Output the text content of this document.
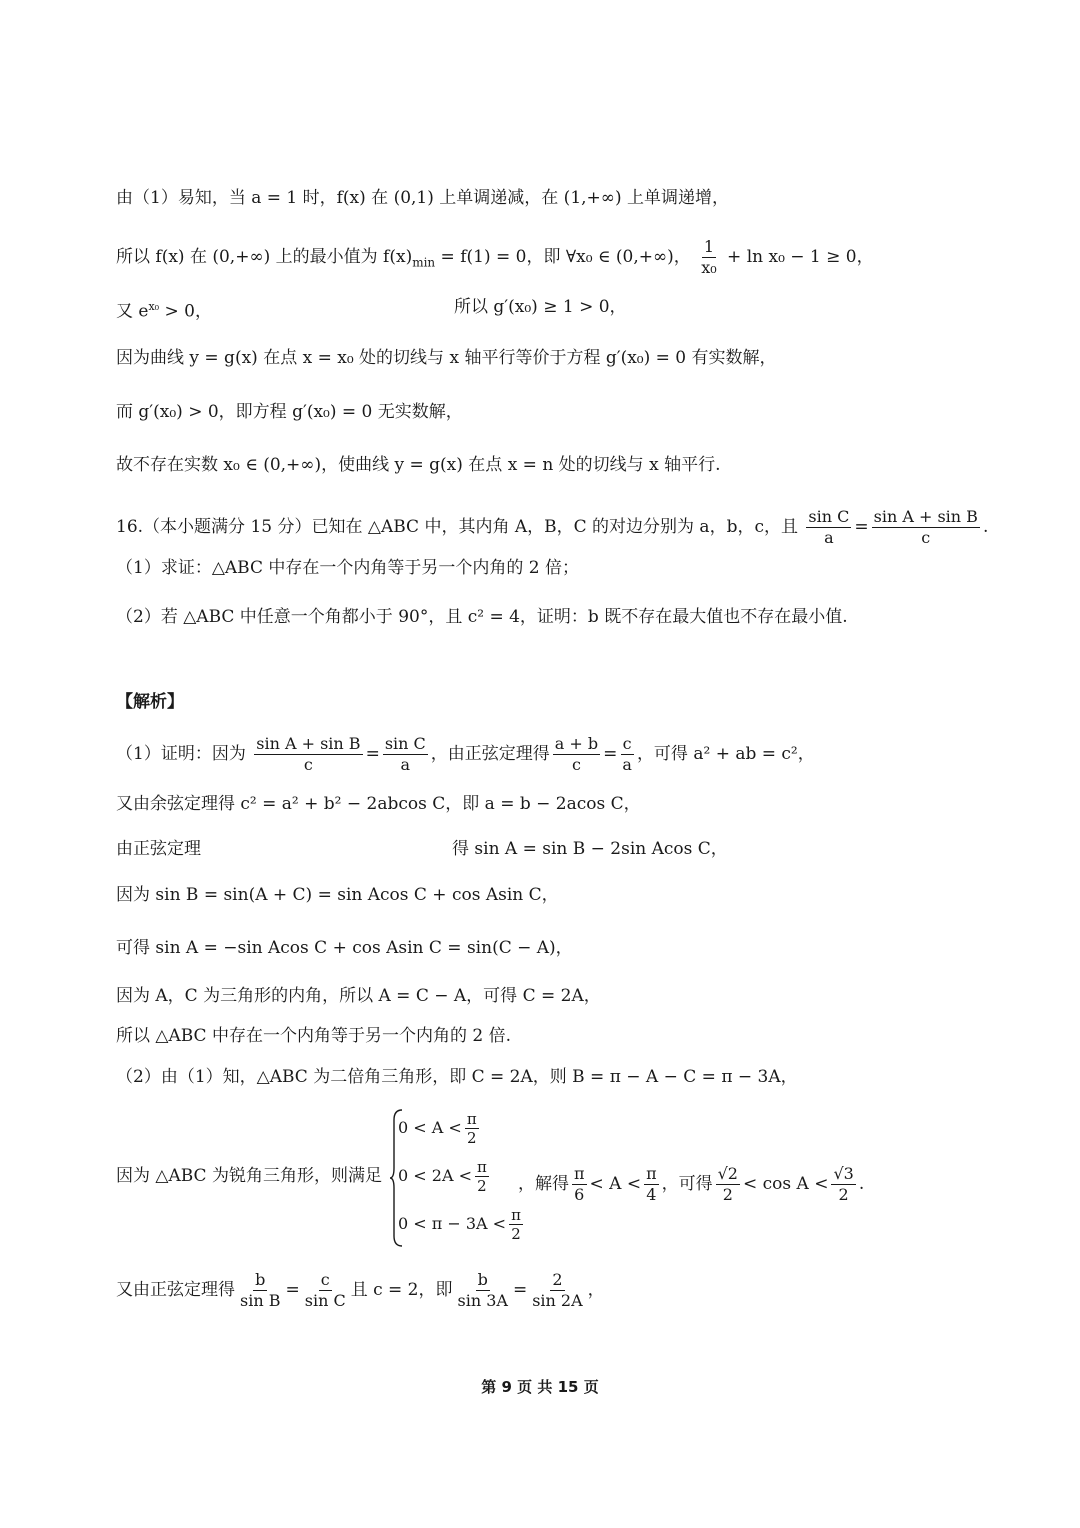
由（1）易知，当 a = 1 时，f(x) 在 (0,1) 上单调递减，在 (1,+∞) 上单调递增，
所以 f(x) 在 (0,+∞) 上的最小值为 $f(x)_{min} = f(1) = 0$，即 ∀x₀ ∈ (0,+∞)， $\frac{1}{\text{x₀}} + \ln x_0 - 1 \ge 0$，
又 $e^{x_0} > 0$，	所以 g′(x₀) ≥ 1 > 0，
因为曲线 y = g(x) 在点 x = x₀ 处的切线与 x 轴平行等价于方程 g′(x₀) = 0 有实数解，
而 g′(x₀) > 0，即方程 g′(x₀) = 0 无实数解，
故不存在实数 x₀ ∈ (0,+∞)，使曲线 y = g(x) 在点 x = n 处的切线与 x 轴平行.
16.（本小题满分 15 分）已知在 △ABC 中，其内角 A，B，C 的对边分别为 a，b，c，且 $\frac{\text{sin C}}{a} = \frac{\text{sin A + sin B}}{c}$ .
（1）求证：△ABC 中存在一个内角等于另一个内角的 2 倍；
（2）若 △ABC 中任意一个角都小于 90°，且 c² = 4，证明：b 既不存在最大值也不存在最小值.
【解析】
（1）证明：因为 $\frac{\text{sin A + sin B}}{c} = \frac{\text{sin C}}{a}$ ，由正弦定理得 $\frac{a + b}{c} = \frac{c}{a}$ ，可得 a² + ab = c²，
又由余弦定理得 c² = a² + b² − 2abcos C，即 a = b − 2acos C，
由正弦定理	得 sin A = sin B − 2sin Acos C，
因为 sin B = sin(A + C) = sin Acos C + cos Asin C，
可得 sin A = −sin Acos C + cos Asin C = sin(C − A)，
因为 A，C 为三角形的内角，所以 A = C − A，可得 C = 2A，
所以 △ABC 中存在一个内角等于另一个内角的 2 倍.
（2）由（1）知，△ABC 为二倍角三角形，即 C = 2A，则 B = π − A − C = π − 3A，
因为 △ABC 为锐角三角形，则满足
$0 < A < \frac{\pi}{2}$
$0 < 2A < \frac{\pi}{2}$
$0 < \pi - 3A < \frac{\pi}{2}$
，解得 $\frac{\pi}{6} < A < \frac{\pi}{4}$ ，可得 $\frac{√2}{2} < \cos A < \frac{√3}{2}$ .
又由正弦定理得 $\frac{b}{\text{sin B}} = \frac{c}{\text{sin C}}$ 且 c = 2，即 $\frac{b}{\sin 3A} = \frac{2}{\sin 2A}$ ，
第 9 页 共 15 页
